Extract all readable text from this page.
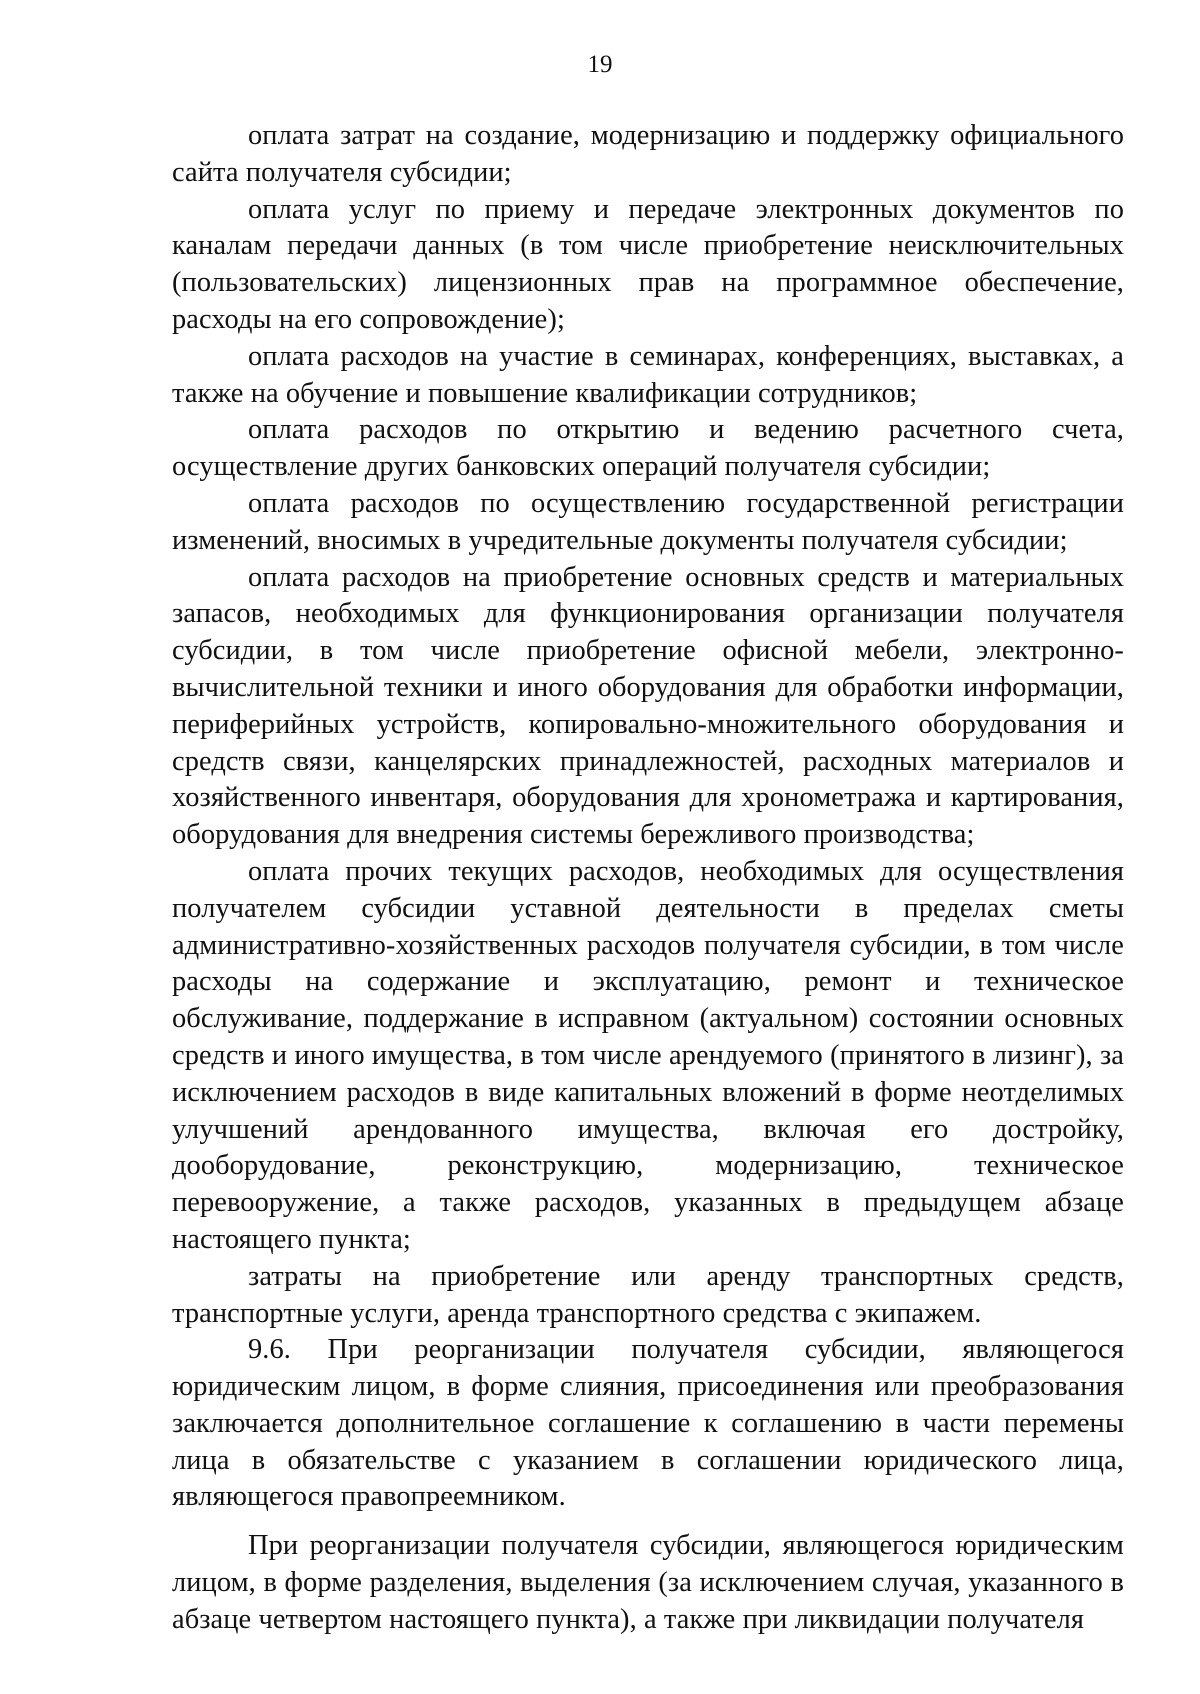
19

оплата затрат на создание, модернизацию и поддержку официального сайта получателя субсидии;

оплата услуг по приему и передаче электронных документов по каналам передачи данных (в том числе приобретение неисключительных (пользовательских) лицензионных прав на программное обеспечение, расходы на его сопровождение);

оплата расходов на участие в семинарах, конференциях, выставках, а также на обучение и повышение квалификации сотрудников;

оплата расходов по открытию и ведению расчетного счета, осуществление других банковских операций получателя субсидии;

оплата расходов по осуществлению государственной регистрации изменений, вносимых в учредительные документы получателя субсидии;

оплата расходов на приобретение основных средств и материальных запасов, необходимых для функционирования организации получателя субсидии, в том числе приобретение офисной мебели, электронно-вычислительной техники и иного оборудования для обработки информации, периферийных устройств, копировально-множительного оборудования и средств связи, канцелярских принадлежностей, расходных материалов и хозяйственного инвентаря, оборудования для хронометража и картирования, оборудования для внедрения системы бережливого производства;

оплата прочих текущих расходов, необходимых для осуществления получателем субсидии уставной деятельности в пределах сметы административно-хозяйственных расходов получателя субсидии, в том числе расходы на содержание и эксплуатацию, ремонт и техническое обслуживание, поддержание в исправном (актуальном) состоянии основных средств и иного имущества, в том числе арендуемого (принятого в лизинг), за исключением расходов в виде капитальных вложений в форме неотделимых улучшений арендованного имущества, включая его достройку, дооборудование, реконструкцию, модернизацию, техническое перевооружение, а также расходов, указанных в предыдущем абзаце настоящего пункта;

затраты на приобретение или аренду транспортных средств, транспортные услуги, аренда транспортного средства с экипажем.

9.6. При реорганизации получателя субсидии, являющегося юридическим лицом, в форме слияния, присоединения или преобразования заключается дополнительное соглашение к соглашению в части перемены лица в обязательстве с указанием в соглашении юридического лица, являющегося правопреемником.

При реорганизации получателя субсидии, являющегося юридическим лицом, в форме разделения, выделения (за исключением случая, указанного в абзаце четвертом настоящего пункта), а также при ликвидации получателя
